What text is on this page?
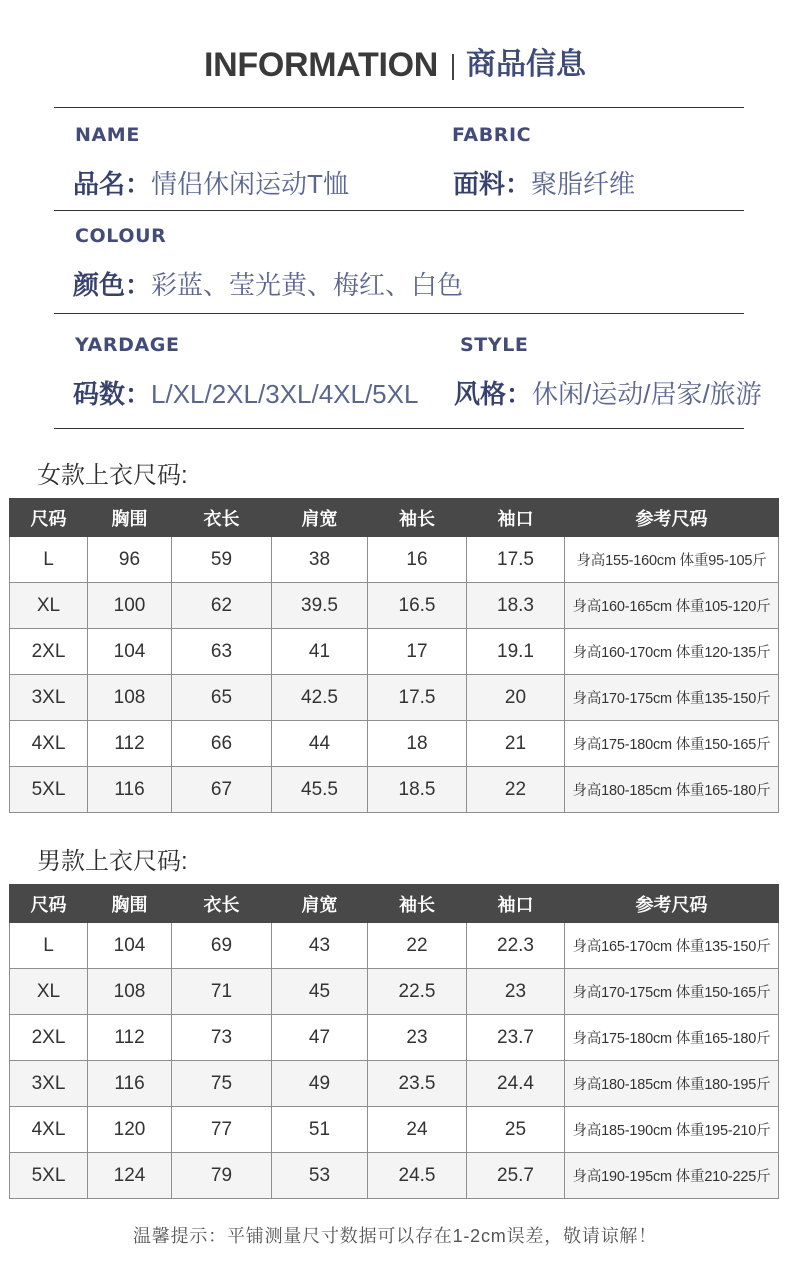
INFORMATION 商品信息
NAME	FABRIC
品名：情侣休闲运动T恤	面料：聚脂纤维
COLOUR
颜色：彩蓝、莹光黄、梅红、白色
YARDAGE	STYLE
码数：L/XL/2XL/3XL/4XL/5XL 风格：休闲/运动/居家/旅游
女款上衣尺码:
尺码	胸围	衣长	肩宽	袖长	袖口	参考尺码
L	96	59	38	16	17.5	身高155-160cm 体重95-105斤
XL	100	62	39.5	16.5	18.3	身高160-165cm 体重105-120斤
2XL	104	63	41	17	19.1	身高160-170cm 体重120-135斤
3XL	108	65	42.5	17.5	20	身高170-175cm 体重135-150斤
4XL	112	66	44	18	21	身高175-180cm 体重150-165斤
5XL	116	67	45.5	18.5	22	身高180-185cm 体重165-180斤
男款上衣尺码:
尺码	胸围	衣长	肩宽	袖长	袖口	参考尺码
L	104	69	43	22	22.3	身高165-170cm 体重135-150斤
XL	108	71	45	22.5	23	身高170-175cm 体重150-165斤
2XL	112	73	47	23	23.7	身高175-180cm 体重165-180斤
3XL	116	75	49	23.5	24.4	身高180-185cm 体重180-195斤
4XL	120	77	51	24	25	身高185-190cm 体重195-210斤
5XL	124	79	53	24.5	25.7	身高190-195cm 体重210-225斤
温馨提示：平铺测量尺寸数据可以存在1-2cm误差，敬请谅解！
